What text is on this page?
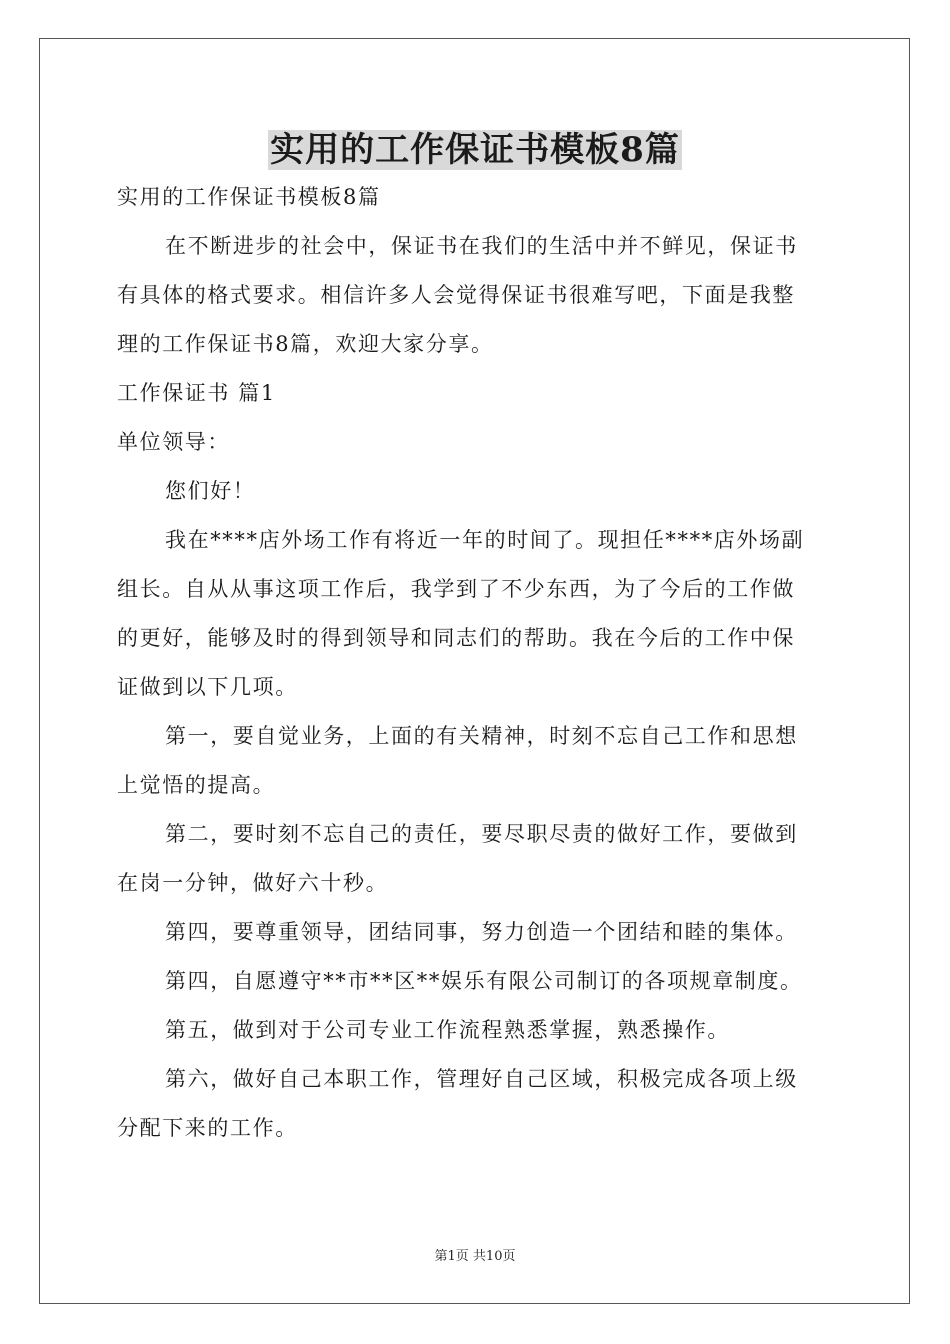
实用的工作保证书模板8篇
实用的工作保证书模板8篇
在不断进步的社会中，保证书在我们的生活中并不鲜见，保证书
有具体的格式要求。相信许多人会觉得保证书很难写吧，下面是我整
理的工作保证书8篇，欢迎大家分享。
工作保证书 篇1
单位领导：
您们好！
我在****店外场工作有将近一年的时间了。现担任****店外场副
组长。自从从事这项工作后，我学到了不少东西，为了今后的工作做
的更好，能够及时的得到领导和同志们的帮助。我在今后的工作中保
证做到以下几项。
第一，要自觉业务，上面的有关精神，时刻不忘自己工作和思想
上觉悟的提高。
第二，要时刻不忘自己的责任，要尽职尽责的做好工作，要做到
在岗一分钟，做好六十秒。
第四，要尊重领导，团结同事，努力创造一个团结和睦的集体。
第四，自愿遵守**市**区**娱乐有限公司制订的各项规章制度。
第五，做到对于公司专业工作流程熟悉掌握，熟悉操作。
第六，做好自己本职工作，管理好自己区域，积极完成各项上级
分配下来的工作。
第1页 共10页
